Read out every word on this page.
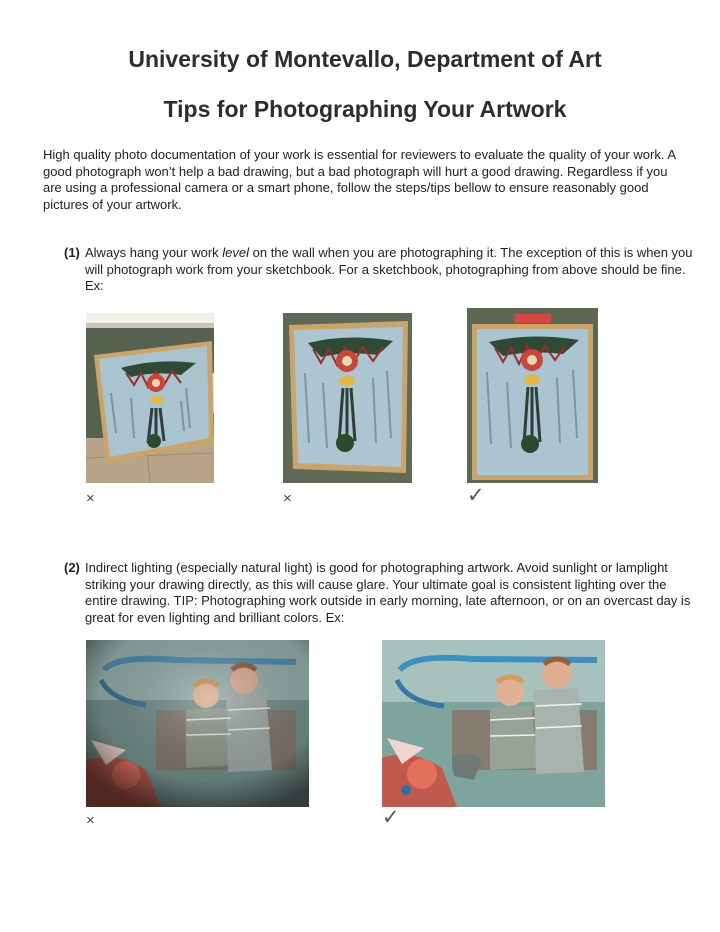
University of Montevallo, Department of Art
Tips for Photographing Your Artwork

High quality photo documentation of your work is essential for reviewers to evaluate the quality of your work. A good photograph won’t help a bad drawing, but a bad photograph will hurt a good drawing. Regardless if you are using a professional camera or a smart phone, follow the steps/tips bellow to ensure reasonably good pictures of your artwork.

(1) Always hang your work level on the wall when you are photographing it. The exception of this is when you will photograph work from your sketchbook. For a sketchbook, photographing from above should be fine. Ex:
×	×	✓
(2) Indirect lighting (especially natural light) is good for photographing artwork. Avoid sunlight or lamplight striking your drawing directly, as this will cause glare. Your ultimate goal is consistent lighting over the entire drawing. TIP: Photographing work outside in early morning, late afternoon, or on an overcast day is great for even lighting and brilliant colors. Ex:
×	✓
